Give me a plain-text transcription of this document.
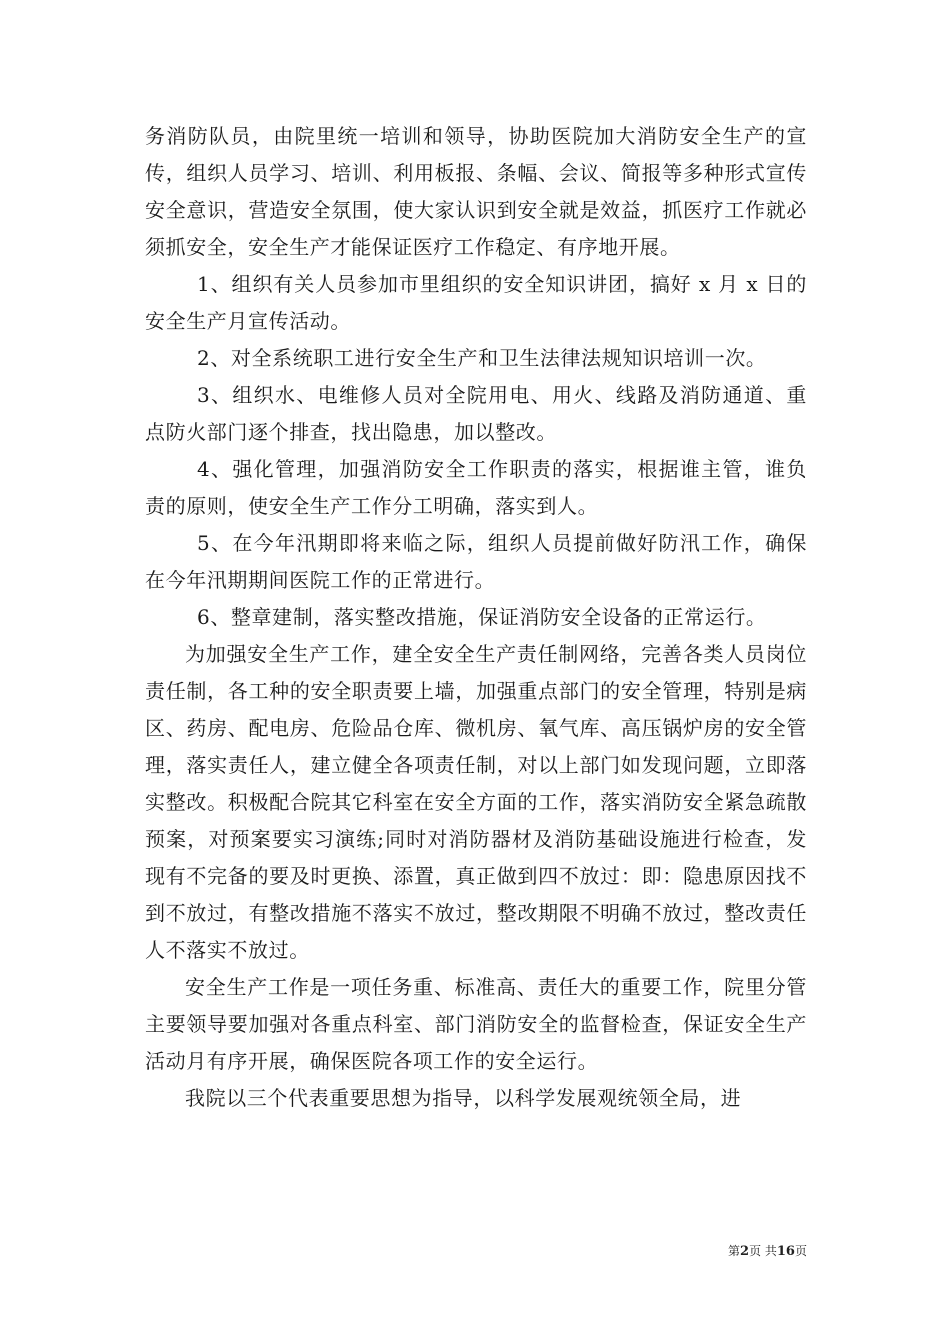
务消防队员，由院里统一培训和领导，协助医院加大消防安全生产的宣传，组织人员学习、培训、利用板报、条幅、会议、简报等多种形式宣传安全意识，营造安全氛围，使大家认识到安全就是效益，抓医疗工作就必须抓安全，安全生产才能保证医疗工作稳定、有序地开展。

1、组织有关人员参加市里组织的安全知识讲团，搞好 x 月 x 日的安全生产月宣传活动。

2、对全系统职工进行安全生产和卫生法律法规知识培训一次。

3、组织水、电维修人员对全院用电、用火、线路及消防通道、重点防火部门逐个排查，找出隐患，加以整改。

4、强化管理，加强消防安全工作职责的落实，根据谁主管，谁负责的原则，使安全生产工作分工明确，落实到人。

5、在今年汛期即将来临之际，组织人员提前做好防汛工作，确保在今年汛期期间医院工作的正常进行。

6、整章建制，落实整改措施，保证消防安全设备的正常运行。

为加强安全生产工作，建全安全生产责任制网络，完善各类人员岗位责任制，各工种的安全职责要上墙，加强重点部门的安全管理，特别是病区、药房、配电房、危险品仓库、微机房、氧气库、高压锅炉房的安全管理，落实责任人，建立健全各项责任制，对以上部门如发现问题，立即落实整改。积极配合院其它科室在安全方面的工作，落实消防安全紧急疏散预案，对预案要实习演练;同时对消防器材及消防基础设施进行检查，发现有不完备的要及时更换、添置，真正做到四不放过：即：隐患原因找不到不放过，有整改措施不落实不放过，整改期限不明确不放过，整改责任人不落实不放过。

安全生产工作是一项任务重、标准高、责任大的重要工作，院里分管主要领导要加强对各重点科室、部门消防安全的监督检查，保证安全生产活动月有序开展，确保医院各项工作的安全运行。

我院以三个代表重要思想为指导，以科学发展观统领全局，进

第2页 共16页
